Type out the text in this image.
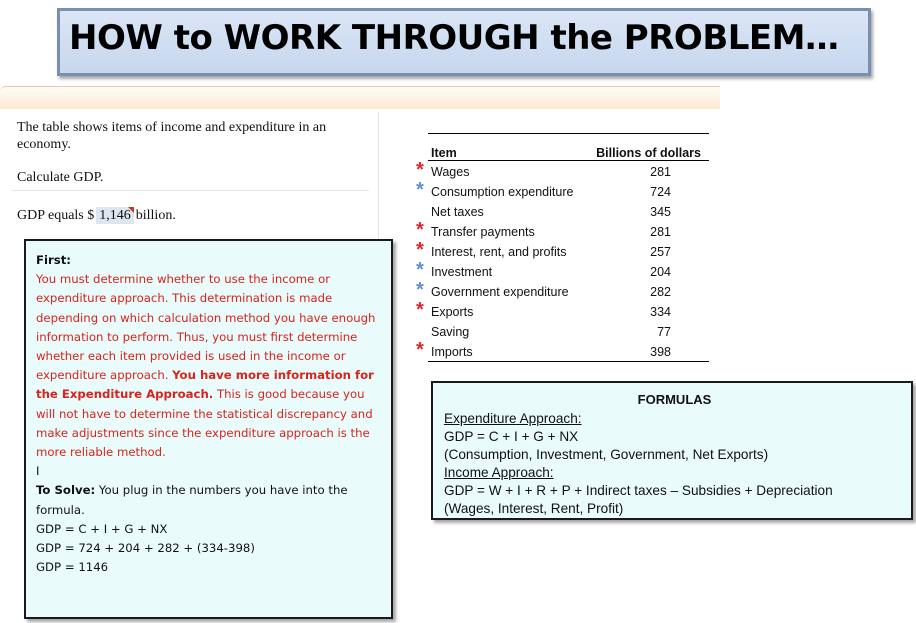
HOW to WORK THROUGH the PROBLEM…
The table shows items of income and expenditure in an economy.
Calculate GDP.
GDP equals $ 1,146 billion.
Item	Billions of dollars
* Wages	281
* Consumption expenditure	724
Net taxes	345
* Transfer payments	281
* Interest, rent, and profits	257
* Investment	204
* Government expenditure	282
* Exports	334
Saving	77
* Imports	398
First:
You must determine whether to use the income or expenditure approach. This determination is made depending on which calculation method you have enough information to perform. Thus, you must first determine whether each item provided is used in the income or expenditure approach. You have more information for the Expenditure Approach. This is good because you will not have to determine the statistical discrepancy and make adjustments since the expenditure approach is the more reliable method.
I
To Solve: You plug in the numbers you have into the formula.
GDP = C + I + G + NX
GDP = 724 + 204 + 282 + (334-398)
GDP = 1146
FORMULAS
Expenditure Approach:
GDP = C + I + G + NX
(Consumption, Investment, Government, Net Exports)
Income Approach:
GDP = W + I + R + P + Indirect taxes – Subsidies + Depreciation
(Wages, Interest, Rent, Profit)
